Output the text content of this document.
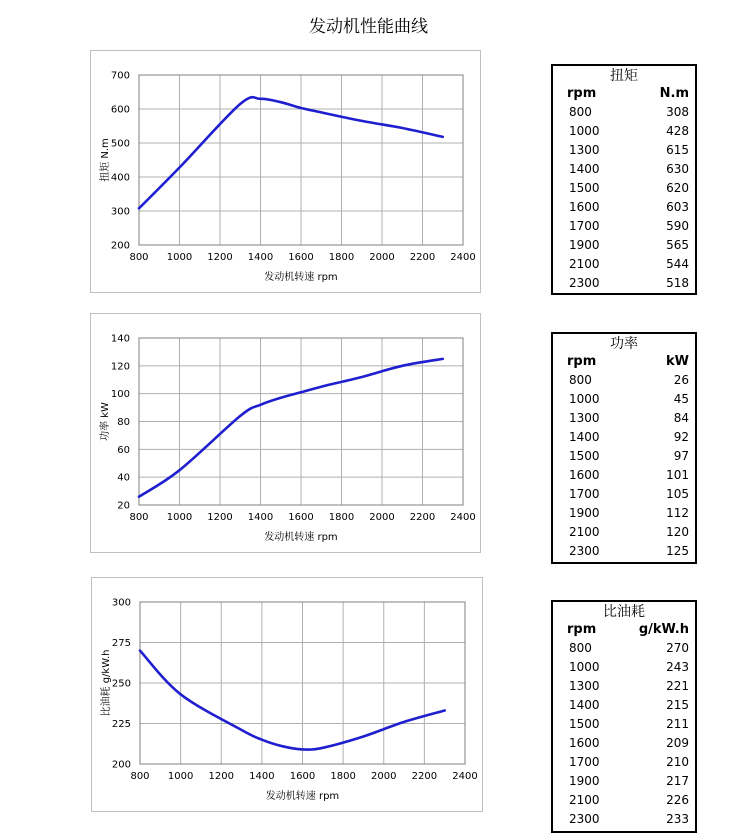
发动机性能曲线
800 1000 1200 1400 1600 1800 2000 2200 2400
200
300
400
500
600
700
发动机转速 rpm
扭矩 N.m
800 1000 1200 1400 1600 1800 2000 2200 2400
20
40
60
80
100
120
140
发动机转速 rpm
功率 kW
800 1000 1200 1400 1600 1800 2000 2200 2400
200
225
250
275
300
发动机转速 rpm
比油耗 g/kW.h
扭矩
rpm	N.m
800	308
1000	428
1300	615
1400	630
1500	620
1600	603
1700	590
1900	565
2100	544
2300	518
功率
rpm	kW
800	26
1000	45
1300	84
1400	92
1500	97
1600	101
1700	105
1900	112
2100	120
2300	125
比油耗
rpm	g/kW.h
800	270
1000	243
1300	221
1400	215
1500	211
1600	209
1700	210
1900	217
2100	226
2300	233
